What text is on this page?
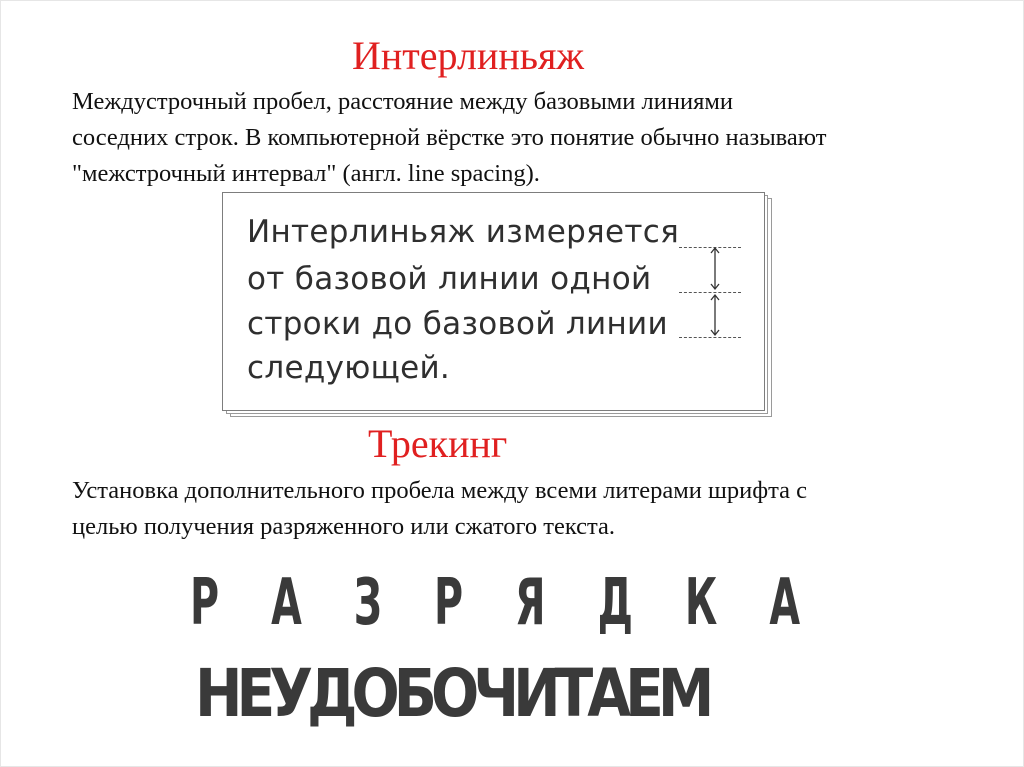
Интерлиньяж
Междустрочный пробел, расстояние между базовыми линиями
соседних строк. В компьютерной вёрстке это понятие обычно называют
"межстрочный интервал" (англ. line spacing).
Интерлиньяж измеряется
от базовой линии одной
строки до базовой линии
следующей.
Трекинг
Установка дополнительного пробела между всеми литерами шрифта с
целью получения разряженного или сжатого текста.
Р А З Р Я Д К А
НЕУДОБОЧИТАЕМ
